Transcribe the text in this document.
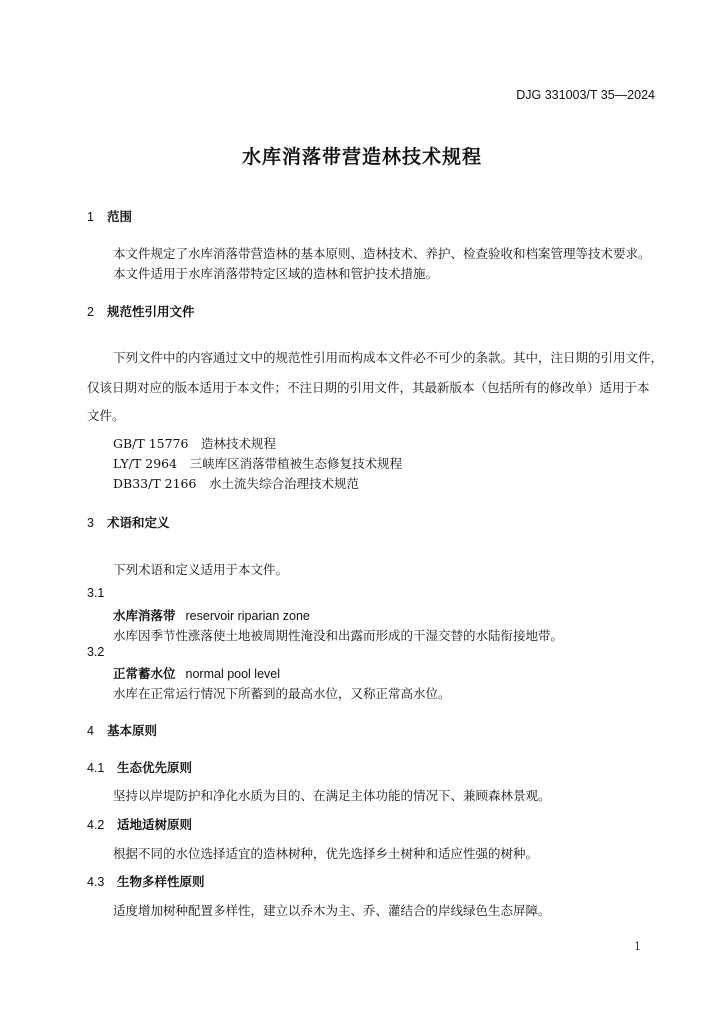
DJG 331003/T 35—2024
水库消落带营造林技术规程
1 范围
本文件规定了水库消落带营造林的基本原则、造林技术、养护、检查验收和档案管理等技术要求。
本文件适用于水库消落带特定区域的造林和管护技术措施。
2 规范性引用文件
下列文件中的内容通过文中的规范性引用而构成本文件必不可少的条款。其中，注日期的引用文件，
仅该日期对应的版本适用于本文件；不注日期的引用文件，其最新版本（包括所有的修改单）适用于本
文件。
GB/T 15776　造林技术规程
LY/T 2964　三峡库区消落带植被生态修复技术规程
DB33/T 2166　水土流失综合治理技术规范
3 术语和定义
下列术语和定义适用于本文件。
3.1
水库消落带 reservoir riparian zone
水库因季节性涨落使土地被周期性淹没和出露而形成的干湿交替的水陆衔接地带。
3.2
正常蓄水位 normal pool level
水库在正常运行情况下所蓄到的最高水位，又称正常高水位。
4 基本原则
4.1 生态优先原则
坚持以岸堤防护和净化水质为目的、在满足主体功能的情况下、兼顾森林景观。
4.2 适地适树原则
根据不同的水位选择适宜的造林树种，优先选择乡土树种和适应性强的树种。
4.3 生物多样性原则
适度增加树种配置多样性，建立以乔木为主、乔、灌结合的岸线绿色生态屏障。
1
